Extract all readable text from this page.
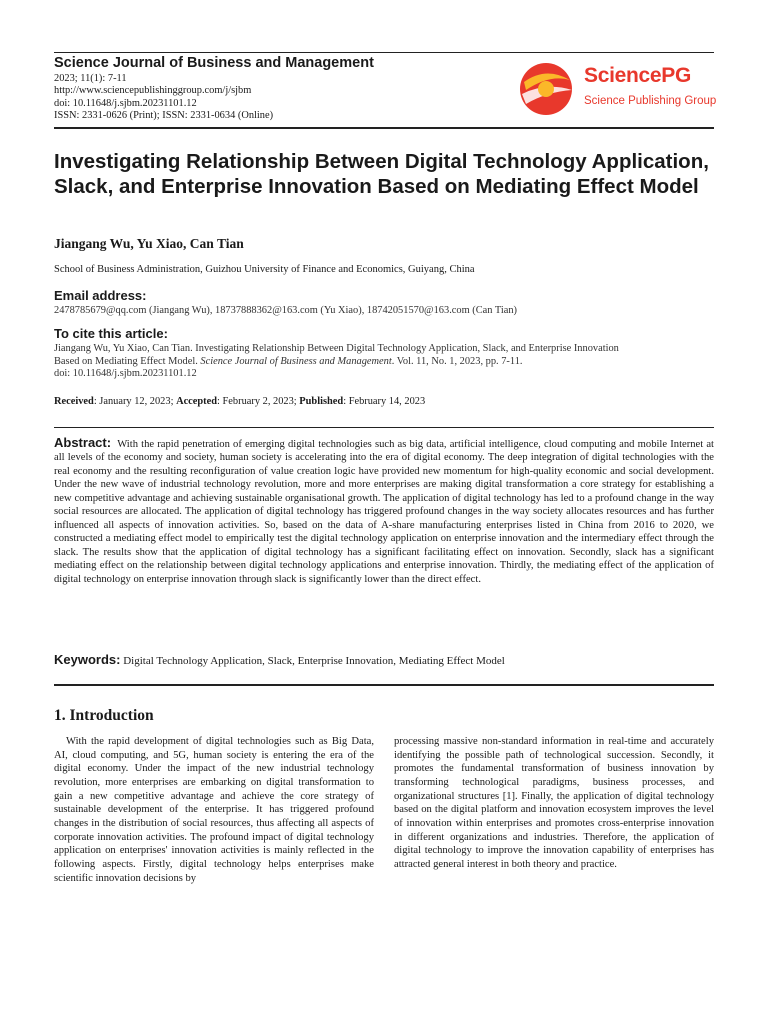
Science Journal of Business and Management
2023; 11(1): 7-11
http://www.sciencepublishinggroup.com/j/sjbm
doi: 10.11648/j.sjbm.20231101.12
ISSN: 2331-0626 (Print); ISSN: 2331-0634 (Online)
SciencePG
Science Publishing Group
Investigating Relationship Between Digital Technology Application, Slack, and Enterprise Innovation Based on Mediating Effect Model
Jiangang Wu, Yu Xiao, Can Tian
School of Business Administration, Guizhou University of Finance and Economics, Guiyang, China
Email address:
2478785679@qq.com (Jiangang Wu), 18737888362@163.com (Yu Xiao), 18742051570@163.com (Can Tian)
To cite this article:
Jiangang Wu, Yu Xiao, Can Tian. Investigating Relationship Between Digital Technology Application, Slack, and Enterprise Innovation
Based on Mediating Effect Model. Science Journal of Business and Management. Vol. 11, No. 1, 2023, pp. 7-11.
doi: 10.11648/j.sjbm.20231101.12
Received: January 12, 2023; Accepted: February 2, 2023; Published: February 14, 2023
Abstract: With the rapid penetration of emerging digital technologies such as big data, artificial intelligence, cloud computing and mobile Internet at all levels of the economy and society, human society is accelerating into the era of digital economy. The deep integration of digital technologies with the real economy and the resulting reconfiguration of value creation logic have provided new momentum for high-quality economic and social development. Under the new wave of industrial technology revolution, more and more enterprises are making digital transformation a core strategy for establishing a new competitive advantage and achieving sustainable organisational growth. The application of digital technology has led to a profound change in the way social resources are allocated. The application of digital technology has triggered profound changes in the way society allocates resources and has further influenced all aspects of innovation activities. So, based on the data of A-share manufacturing enterprises listed in China from 2016 to 2020, we constructed a mediating effect model to empirically test the digital technology application on enterprise innovation and the intermediary effect through the slack. The results show that the application of digital technology has a significant facilitating effect on innovation. Secondly, slack has a significant mediating effect on the relationship between digital technology applications and enterprise innovation. Thirdly, the mediating effect of the application of digital technology on enterprise innovation through slack is significantly lower than the direct effect.
Keywords: Digital Technology Application, Slack, Enterprise Innovation, Mediating Effect Model
1. Introduction
With the rapid development of digital technologies such as Big Data, AI, cloud computing, and 5G, human society is entering the era of the digital economy. Under the impact of the new industrial technology revolution, more enterprises are embarking on digital transformation to gain a new competitive advantage and achieve the core strategy of sustainable development of the enterprise. It has triggered profound changes in the distribution of social resources, thus affecting all aspects of corporate innovation activities. The profound impact of digital technology application on enterprises' innovation activities is mainly reflected in the following aspects. Firstly, digital technology helps enterprises make scientific innovation decisions by
processing massive non-standard information in real-time and accurately identifying the possible path of technological succession. Secondly, it promotes the fundamental transformation of business innovation by transforming technological paradigms, business processes, and organizational structures [1]. Finally, the application of digital technology based on the digital platform and innovation ecosystem improves the level of innovation within enterprises and promotes cross-enterprise innovation in different organizations and industries. Therefore, the application of digital technology to improve the innovation capability of enterprises has attracted general interest in both theory and practice.
